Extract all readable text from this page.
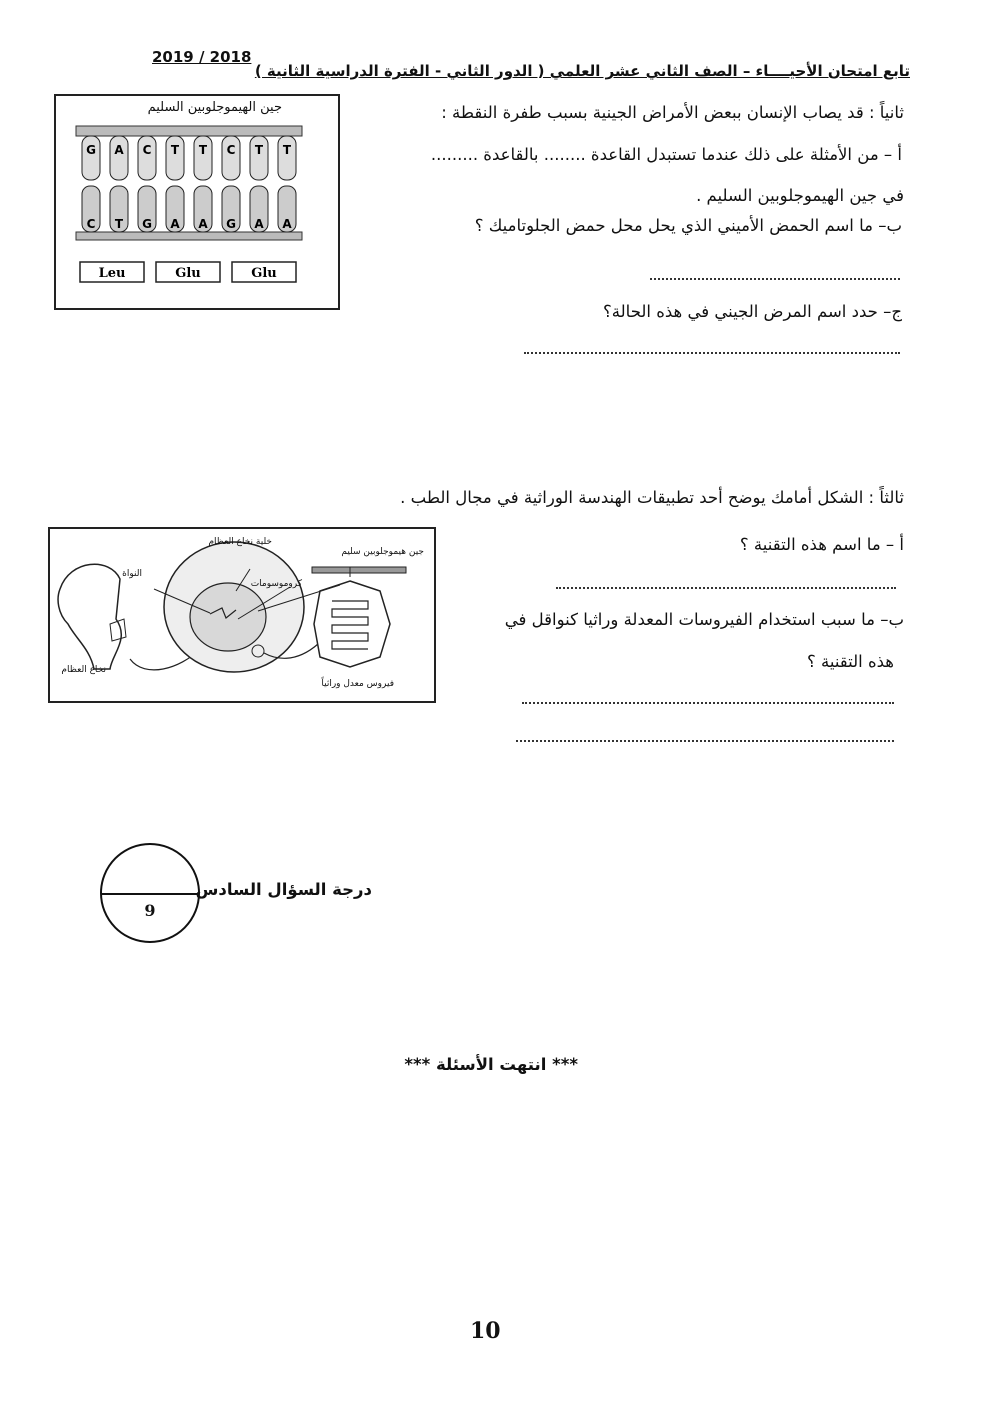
2019 / 2018
تابع امتحان الأحيــــاء – الصف الثاني عشر العلمي ( الدور الثاني - الفترة الدراسية الثانية )
ثانياً : قد يصاب الإنسان ببعض الأمراض الجينية بسبب طفرة النقطة :
أ – من الأمثلة على ذلك عندما تستبدل القاعدة ........ بالقاعدة .........
في جين الهيموجلوبين السليم .
ب– ما اسم الحمض الأميني الذي يحل محل حمض الجلوتاميك ؟
ج– حدد اسم المرض الجيني في هذه الحالة؟
جين الهيموجلوبين السليم
G A C T T C T T
C T G A A G A A
Leu	Glu	Glu
ثالثاً : الشكل أمامك يوضح أحد تطبيقات الهندسة الوراثية في مجال الطب .
أ – ما اسم هذه التقنية ؟
ب– ما سبب استخدام الفيروسات المعدلة وراثيا كنواقل في
هذه التقنية ؟
خلية نخاع العظام
جين هيموجلوبين سليم
النواة
كروموسومات
فيروس معدل وراثياً
نخاع العظام
9
درجة السؤال السادس
*** انتهت الأسئلة ***
10
